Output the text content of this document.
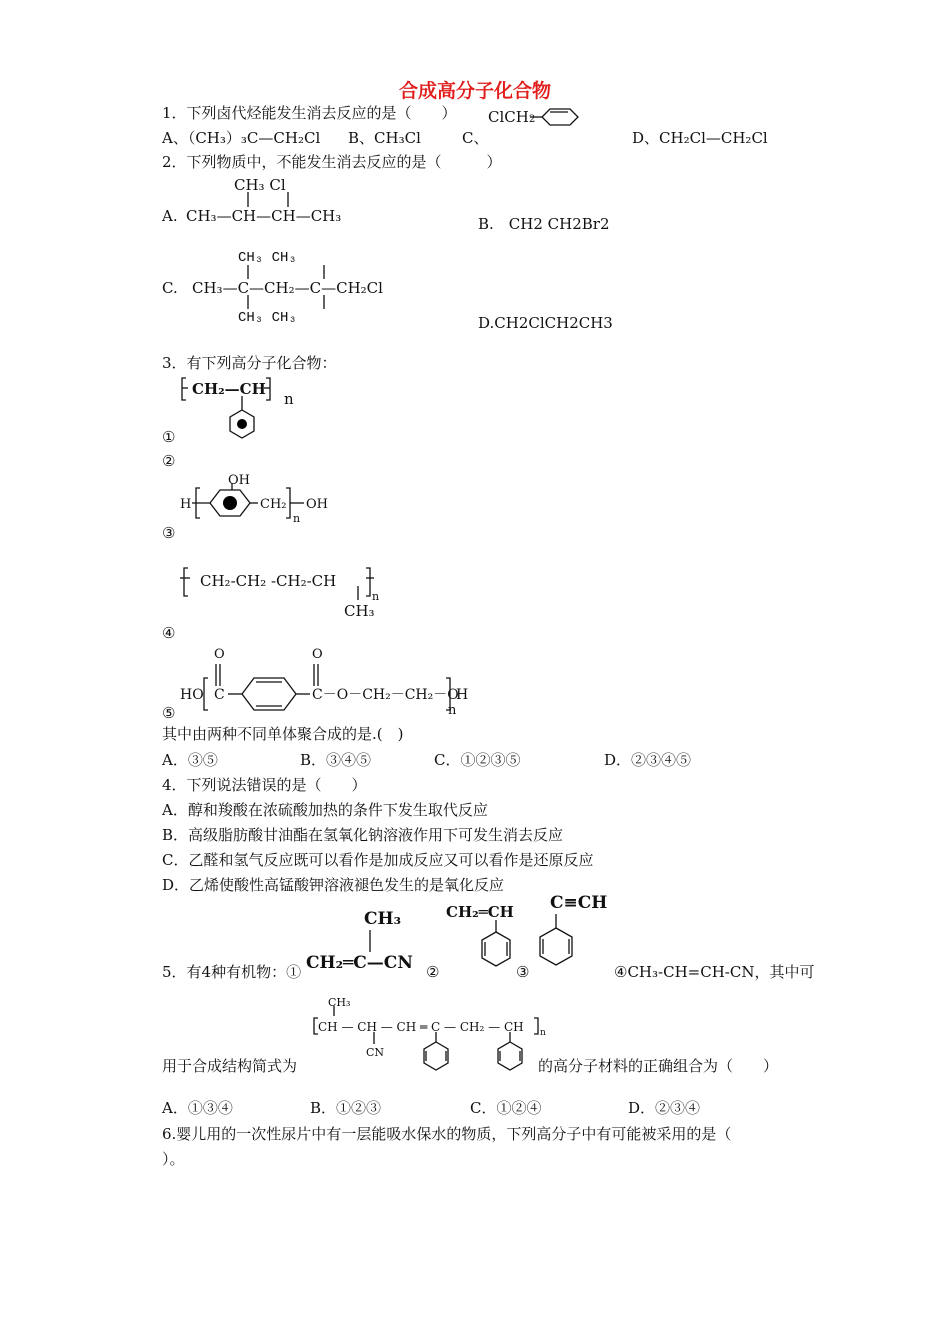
合成高分子化合物
1．下列卤代烃能发生消去反应的是（　　） ClCH2
A、（CH₃）₃C—CH₂Cl B、CH₃Cl	C、	D、CH₂Cl—CH₂Cl
2．下列物质中，不能发生消去反应的是（　　　）
A.
CH₃ Cl
CH₃—CH—CH—CH₃	B.　CH2 CH2Br2
C.
CH₃ CH₃
CH₃—C—CH₂—C—CH₂Cl
CH₃ CH₃	D.CH2ClCH2CH3
3．有下列高分子化合物：
CH₂—CH
n
①
②
OH
H	CH₂
n
OH
③
CH₂-CH₂ -CH₂-CH
CH₃
n
④
O	O
HO C	C－O－CH₂－CH₂－O
H
n
⑤
其中由两种不同单体聚合成的是.(　)
A．③⑤	B．③④⑤	C．①②③⑤	D．②③④⑤
4．下列说法错误的是（　　）
A．醇和羧酸在浓硫酸加热的条件下发生取代反应
B．高级脂肪酸甘油酯在氢氧化钠溶液作用下可发生消去反应
C．乙醛和氢气反应既可以看作是加成反应又可以看作是还原反应
D．乙烯使酸性高锰酸钾溶液褪色发生的是氧化反应
5．有4种有机物：①
CH₃
CH₂═C—CN ②
CH₂═CH
③
C≡CH
④CH₃-CH=CH-CN，其中可
CH₃
CH — CH — CH ═ C — CH₂ — CH n
CN
用于合成结构简式为	的高分子材料的正确组合为（　　）
A．①③④	B．①②③	C．①②④	D．②③④
6.婴儿用的一次性尿片中有一层能吸水保水的物质，下列高分子中有可能被采用的是（
）。
